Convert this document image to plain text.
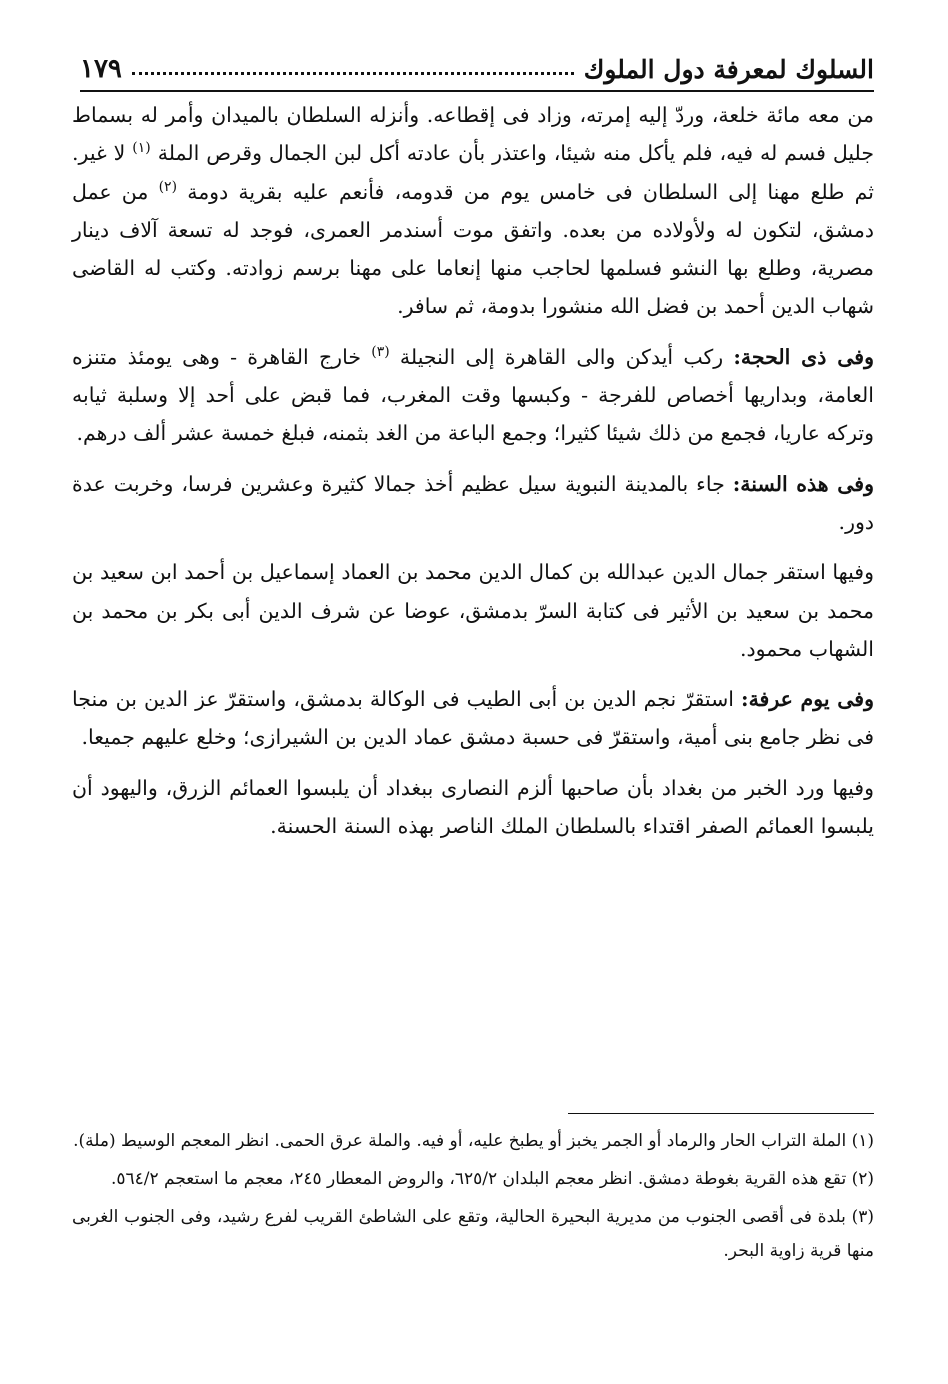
السلوك لمعرفة دول الملوك
١٧٩

من معه مائة خلعة، وردّ إليه إمرته، وزاد فى إقطاعه. وأنزله السلطان بالميدان وأمر له بسماط جليل فسم له فيه، فلم يأكل منه شيئا، واعتذر بأن عادته أكل لبن الجمال وقرص الملة $^{(١)}$ لا غير. ثم طلع مهنا إلى السلطان فى خامس يوم من قدومه، فأنعم عليه بقرية دومة $^{(٢)}$ من عمل دمشق، لتكون له ولأولاده من بعده. واتفق موت أسندمر العمرى، فوجد له تسعة آلاف دينار مصرية، وطلع بها النشو فسلمها لحاجب منها إنعاما على مهنا برسم زوادته. وكتب له القاضى شهاب الدين أحمد بن فضل الله منشورا بدومة، ثم سافر.

وفى ذى الحجة: ركب أيدكن والى القاهرة إلى النجيلة $^{(٣)}$ خارج القاهرة - وهى يومئذ متنزه العامة، وبداريها أخصاص للفرجة - وكبسها وقت المغرب، فما قبض على أحد إلا وسلبة ثيابه وتركه عاريا، فجمع من ذلك شيئا كثيرا؛ وجمع الباعة من الغد بثمنه، فبلغ خمسة عشر ألف درهم.

وفى هذه السنة: جاء بالمدينة النبوية سيل عظيم أخذ جمالا كثيرة وعشرين فرسا، وخربت عدة دور.

وفيها استقر جمال الدين عبدالله بن كمال الدين محمد بن العماد إسماعيل بن أحمد ابن سعيد بن محمد بن سعيد بن الأثير فى كتابة السرّ بدمشق، عوضا عن شرف الدين أبى بكر بن محمد بن الشهاب محمود.

وفى يوم عرفة: استقرّ نجم الدين بن أبى الطيب فى الوكالة بدمشق، واستقرّ عز الدين بن منجا فى نظر جامع بنى أمية، واستقرّ فى حسبة دمشق عماد الدين بن الشيرازى؛ وخلع عليهم جميعا.

وفيها ورد الخبر من بغداد بأن صاحبها ألزم النصارى ببغداد أن يلبسوا العمائم الزرق، واليهود أن يلبسوا العمائم الصفر اقتداء بالسلطان الملك الناصر بهذه السنة الحسنة.

(١) الملة التراب الحار والرماد أو الجمر يخبز أو يطبخ عليه، أو فيه. والملة عرق الحمى. انظر المعجم الوسيط (ملة).

(٢) تقع هذه القرية بغوطة دمشق. انظر معجم البلدان ٦٢٥/٢، والروض المعطار ٢٤٥، معجم ما استعجم ٥٦٤/٢.

(٣) بلدة فى أقصى الجنوب من مديرية البحيرة الحالية، وتقع على الشاطئ القريب لفرع رشيد، وفى الجنوب الغربى منها قرية زاوية البحر.
